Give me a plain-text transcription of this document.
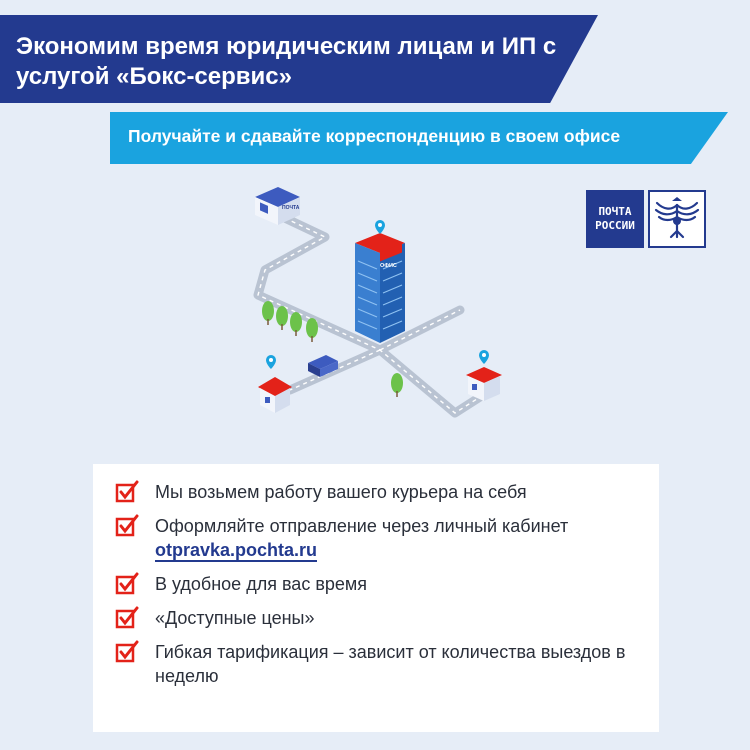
Экономим время юридическим лицам и ИП с услугой «Бокс-сервис»

Получайте и сдавайте корреспонденцию в своем офисе

ПОЧТА
РОССИИ
ПОЧТА
ОФИС
Мы возьмем работу вашего курьера на себя
Оформляйте отправление через личный кабинет
otpravka.pochta.ru
В удобное для вас время
«Доступные цены»
Гибкая тарификация – зависит от количества выездов в неделю
